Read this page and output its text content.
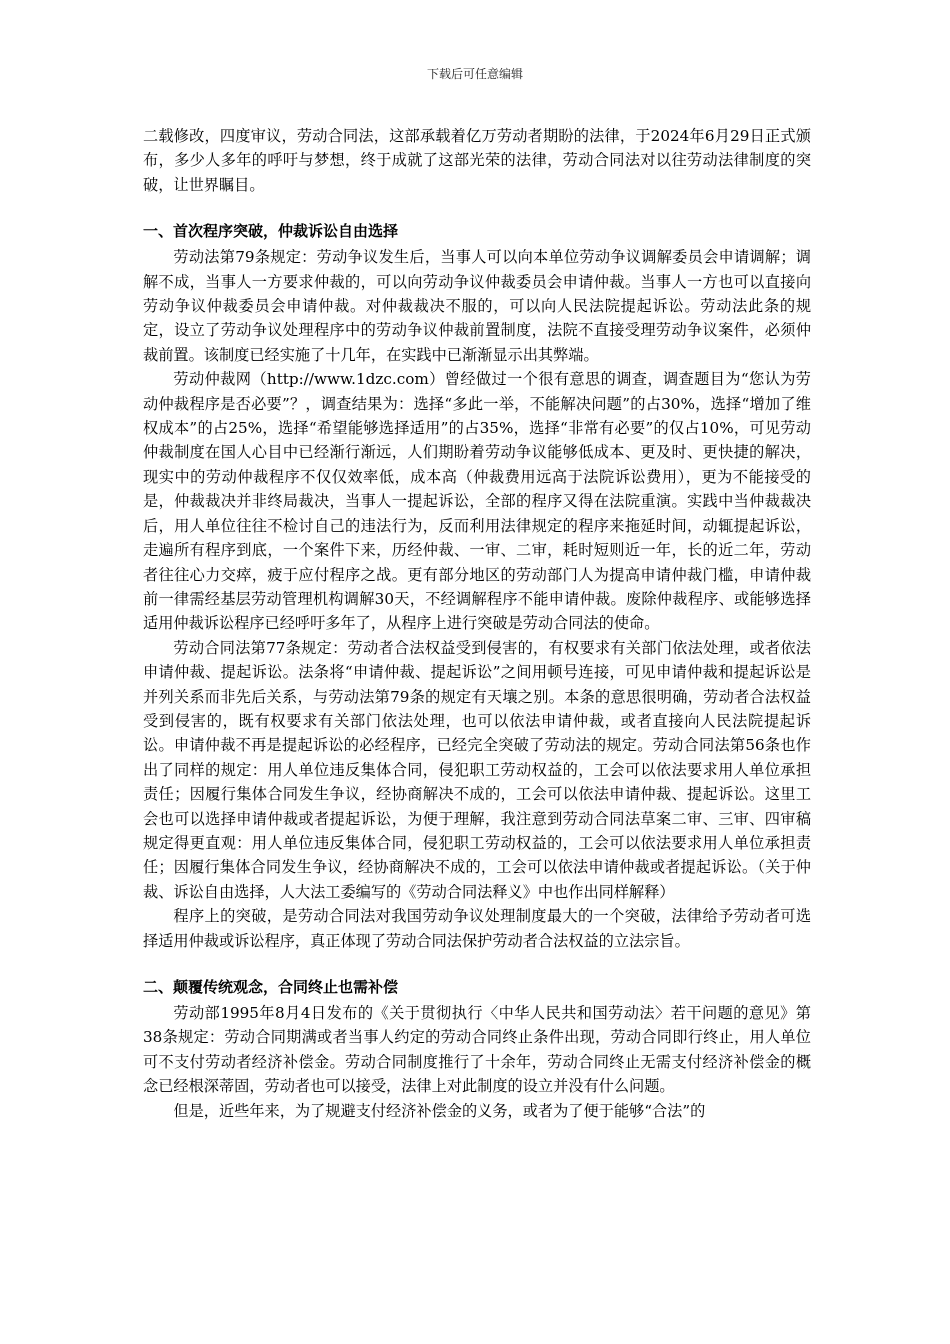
下载后可任意编辑

二载修改，四度审议，劳动合同法，这部承载着亿万劳动者期盼的法律，于2024年6月29日正式颁布，多少人多年的呼吁与梦想，终于成就了这部光荣的法律，劳动合同法对以往劳动法律制度的突破，让世界瞩目。

一、首次程序突破，仲裁诉讼自由选择

劳动法第79条规定：劳动争议发生后，当事人可以向本单位劳动争议调解委员会申请调解；调解不成，当事人一方要求仲裁的，可以向劳动争议仲裁委员会申请仲裁。当事人一方也可以直接向劳动争议仲裁委员会申请仲裁。对仲裁裁决不服的，可以向人民法院提起诉讼。劳动法此条的规定，设立了劳动争议处理程序中的劳动争议仲裁前置制度，法院不直接受理劳动争议案件，必须仲裁前置。该制度已经实施了十几年，在实践中已渐渐显示出其弊端。

劳动仲裁网（http://www.1dzc.com）曾经做过一个很有意思的调查，调查题目为“您认为劳动仲裁程序是否必要”？，调查结果为：选择“多此一举，不能解决问题”的占30%，选择“增加了维权成本”的占25%，选择“希望能够选择适用”的占35%，选择“非常有必要”的仅占10%，可见劳动仲裁制度在国人心目中已经渐行渐远，人们期盼着劳动争议能够低成本、更及时、更快捷的解决，现实中的劳动仲裁程序不仅仅效率低，成本高（仲裁费用远高于法院诉讼费用），更为不能接受的是，仲裁裁决并非终局裁决，当事人一提起诉讼，全部的程序又得在法院重演。实践中当仲裁裁决后，用人单位往往不检讨自己的违法行为，反而利用法律规定的程序来拖延时间，动辄提起诉讼，走遍所有程序到底，一个案件下来，历经仲裁、一审、二审，耗时短则近一年，长的近二年，劳动者往往心力交瘁，疲于应付程序之战。更有部分地区的劳动部门人为提高申请仲裁门槛，申请仲裁前一律需经基层劳动管理机构调解30天，不经调解程序不能申请仲裁。废除仲裁程序、或能够选择适用仲裁诉讼程序已经呼吁多年了，从程序上进行突破是劳动合同法的使命。

劳动合同法第77条规定：劳动者合法权益受到侵害的，有权要求有关部门依法处理，或者依法申请仲裁、提起诉讼。法条将“申请仲裁、提起诉讼”之间用顿号连接，可见申请仲裁和提起诉讼是并列关系而非先后关系，与劳动法第79条的规定有天壤之别。本条的意思很明确，劳动者合法权益受到侵害的，既有权要求有关部门依法处理，也可以依法申请仲裁，或者直接向人民法院提起诉讼。申请仲裁不再是提起诉讼的必经程序，已经完全突破了劳动法的规定。劳动合同法第56条也作出了同样的规定：用人单位违反集体合同，侵犯职工劳动权益的，工会可以依法要求用人单位承担责任；因履行集体合同发生争议，经协商解决不成的，工会可以依法申请仲裁、提起诉讼。这里工会也可以选择申请仲裁或者提起诉讼，为便于理解，我注意到劳动合同法草案二审、三审、四审稿规定得更直观：用人单位违反集体合同，侵犯职工劳动权益的，工会可以依法要求用人单位承担责任；因履行集体合同发生争议，经协商解决不成的，工会可以依法申请仲裁或者提起诉讼。（关于仲裁、诉讼自由选择，人大法工委编写的《劳动合同法释义》中也作出同样解释）

程序上的突破，是劳动合同法对我国劳动争议处理制度最大的一个突破，法律给予劳动者可选择适用仲裁或诉讼程序，真正体现了劳动合同法保护劳动者合法权益的立法宗旨。

二、颠覆传统观念，合同终止也需补偿

劳动部1995年8月4日发布的《关于贯彻执行〈中华人民共和国劳动法〉若干问题的意见》第38条规定：劳动合同期满或者当事人约定的劳动合同终止条件出现，劳动合同即行终止，用人单位可不支付劳动者经济补偿金。劳动合同制度推行了十余年，劳动合同终止无需支付经济补偿金的概念已经根深蒂固，劳动者也可以接受，法律上对此制度的设立并没有什么问题。

但是，近些年来，为了规避支付经济补偿金的义务，或者为了便于能够“合法”的
